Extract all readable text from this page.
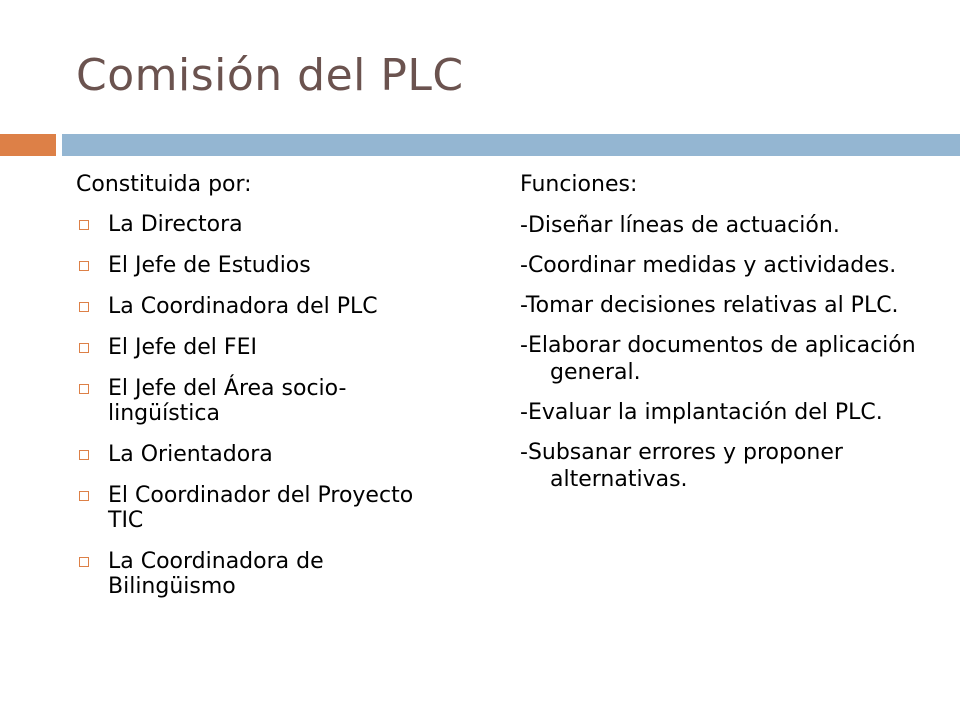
Comisión del PLC
Constituida por:
La Directora
El Jefe de Estudios
La Coordinadora del PLC
El Jefe del FEI
El Jefe del Área socio-lingüística
La Orientadora
El Coordinador del Proyecto TIC
La Coordinadora de Bilingüismo
Funciones:
-Diseñar líneas de actuación.
-Coordinar medidas y actividades.
-Tomar decisiones relativas al PLC.
-Elaborar documentos de aplicación general.
-Evaluar la implantación del PLC.
-Subsanar errores y proponer alternativas.
